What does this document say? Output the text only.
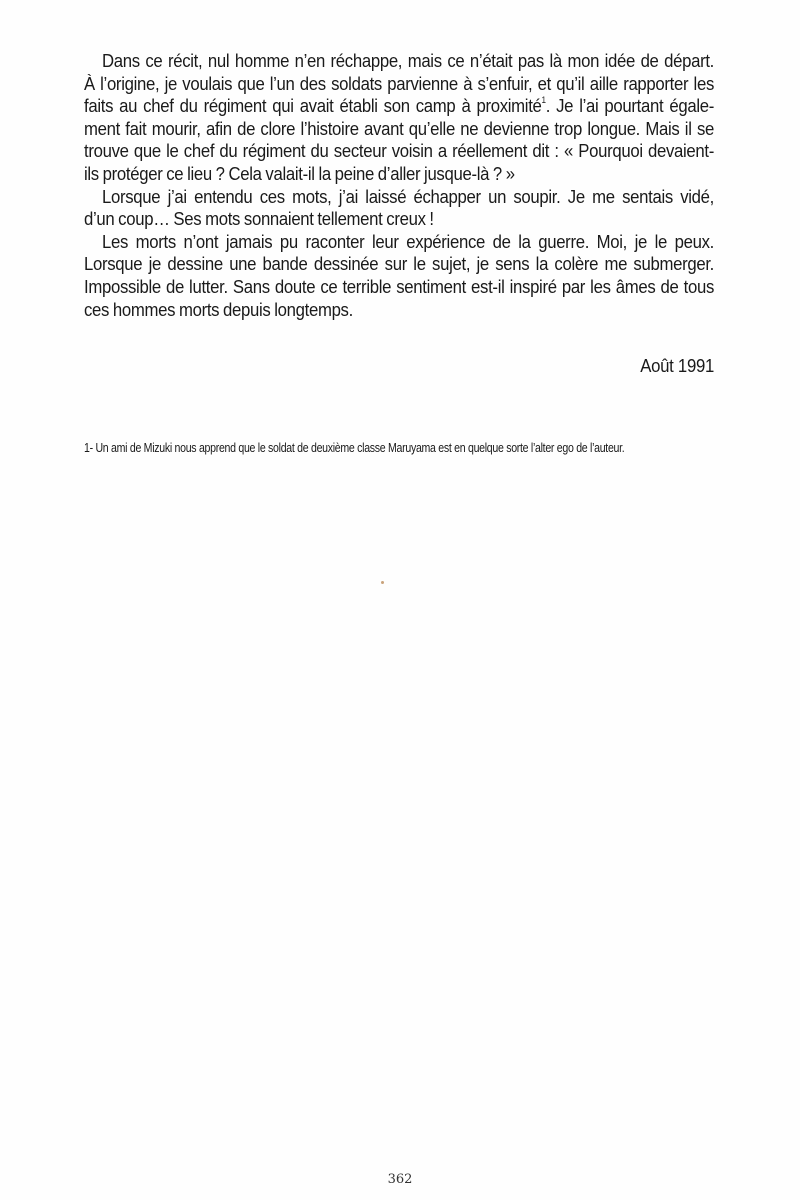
Dans ce récit, nul homme n’en réchappe, mais ce n’était pas là mon idée de départ.
À l’origine, je voulais que l’un des soldats parvienne à s’enfuir, et qu’il aille rapporter les
faits au chef du régiment qui avait établi son camp à proximité$^1$. Je l’ai pourtant égale-
ment fait mourir, afin de clore l’histoire avant qu’elle ne devienne trop longue. Mais il se
trouve que le chef du régiment du secteur voisin a réellement dit : « Pourquoi devaient-
ils protéger ce lieu ? Cela valait-il la peine d’aller jusque-là ? »

Lorsque j’ai entendu ces mots, j’ai laissé échapper un soupir. Je me sentais vidé,
d’un coup… Ses mots sonnaient tellement creux !

Les morts n’ont jamais pu raconter leur expérience de la guerre. Moi, je le peux.
Lorsque je dessine une bande dessinée sur le sujet, je sens la colère me submerger.
Impossible de lutter. Sans doute ce terrible sentiment est-il inspiré par les âmes de tous
ces hommes morts depuis longtemps.

Août 1991
1- Un ami de Mizuki nous apprend que le soldat de deuxième classe Maruyama est en quelque sorte l’alter ego de l’auteur.
362
